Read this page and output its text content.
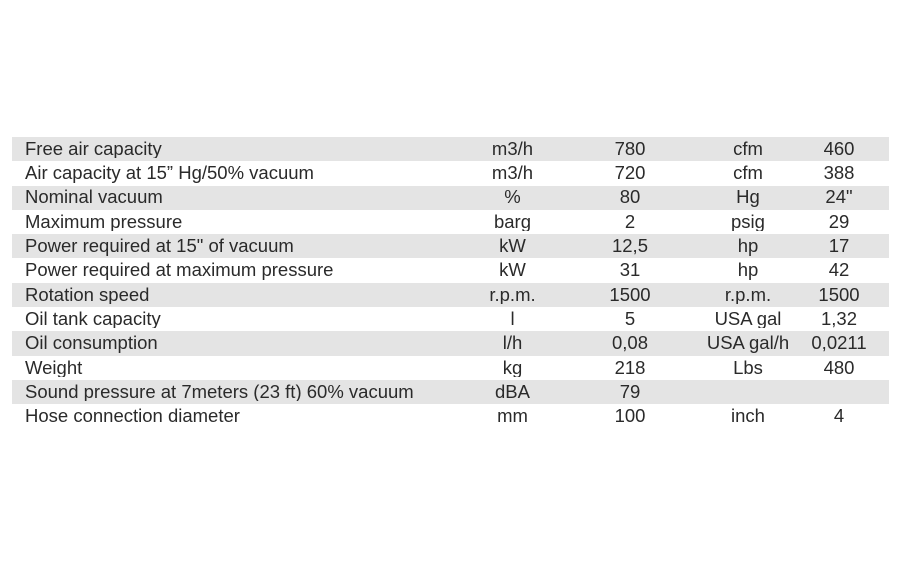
Free air capacity	m3/h	780	cfm	460
Air capacity at 15” Hg/50% vacuum	m3/h	720	cfm	388
Nominal vacuum	%	80	Hg	24"
Maximum pressure	barg	2	psig	29
Power required at 15" of vacuum	kW	12,5	hp	17
Power required at maximum pressure	kW	31	hp	42
Rotation speed	r.p.m.	1500	r.p.m.	1500
Oil tank capacity	l	5	USA gal	1,32
Oil consumption	l/h	0,08	USA gal/h	0,0211
Weight	kg	218	Lbs	480
Sound pressure at 7meters (23 ft) 60% vacuum	dBA	79
Hose connection diameter	mm	100	inch	4
